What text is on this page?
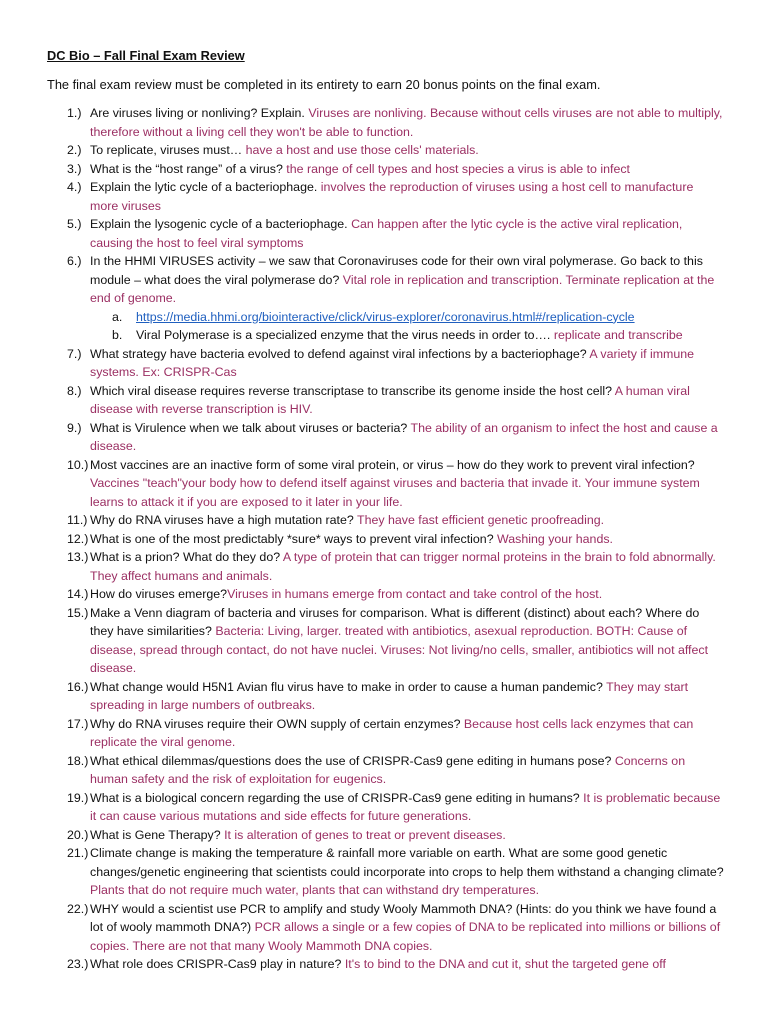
DC Bio – Fall Final Exam Review
The final exam review must be completed in its entirety to earn 20 bonus points on the final exam.
1.) Are viruses living or nonliving? Explain. Viruses are nonliving. Because without cells viruses are not able to multiply, therefore without a living cell they won't be able to function.
2.) To replicate, viruses must… have a host and use those cells' materials.
3.) What is the “host range” of a virus? the range of cell types and host species a virus is able to infect
4.) Explain the lytic cycle of a bacteriophage. involves the reproduction of viruses using a host cell to manufacture more viruses
5.) Explain the lysogenic cycle of a bacteriophage. Can happen after the lytic cycle is the active viral replication, causing the host to feel viral symptoms
6.) In the HHMI VIRUSES activity – we saw that Coronaviruses code for their own viral polymerase. Go back to this module – what does the viral polymerase do? Vital role in replication and transcription. Terminate replication at the end of genome.
a. https://media.hhmi.org/biointeractive/click/virus-explorer/coronavirus.html#/replication-cycle
b. Viral Polymerase is a specialized enzyme that the virus needs in order to…. replicate and transcribe
7.) What strategy have bacteria evolved to defend against viral infections by a bacteriophage? A variety if immune systems. Ex: CRISPR-Cas
8.) Which viral disease requires reverse transcriptase to transcribe its genome inside the host cell? A human viral disease with reverse transcription is HIV.
9.) What is Virulence when we talk about viruses or bacteria? The ability of an organism to infect the host and cause a disease.
10.) Most vaccines are an inactive form of some viral protein, or virus – how do they work to prevent viral infection? Vaccines "teach"your body how to defend itself against viruses and bacteria that invade it. Your immune system learns to attack it if you are exposed to it later in your life.
11.) Why do RNA viruses have a high mutation rate? They have fast efficient genetic proofreading.
12.) What is one of the most predictably *sure* ways to prevent viral infection? Washing your hands.
13.) What is a prion? What do they do? A type of protein that can trigger normal proteins in the brain to fold abnormally. They affect humans and animals.
14.) How do viruses emerge?Viruses in humans emerge from contact and take control of the host.
15.) Make a Venn diagram of bacteria and viruses for comparison. What is different (distinct) about each? Where do they have similarities? Bacteria: Living, larger. treated with antibiotics, asexual reproduction. BOTH: Cause of disease, spread through contact, do not have nuclei. Viruses: Not living/no cells, smaller, antibiotics will not affect disease.
16.) What change would H5N1 Avian flu virus have to make in order to cause a human pandemic? They may start spreading in large numbers of outbreaks.
17.) Why do RNA viruses require their OWN supply of certain enzymes? Because host cells lack enzymes that can replicate the viral genome.
18.) What ethical dilemmas/questions does the use of CRISPR-Cas9 gene editing in humans pose? Concerns on human safety and the risk of exploitation for eugenics.
19.) What is a biological concern regarding the use of CRISPR-Cas9 gene editing in humans? It is problematic because it can cause various mutations and side effects for future generations.
20.) What is Gene Therapy? It is alteration of genes to treat or prevent diseases.
21.) Climate change is making the temperature & rainfall more variable on earth. What are some good genetic changes/genetic engineering that scientists could incorporate into crops to help them withstand a changing climate? Plants that do not require much water, plants that can withstand dry temperatures.
22.) WHY would a scientist use PCR to amplify and study Wooly Mammoth DNA? (Hints: do you think we have found a lot of wooly mammoth DNA?) PCR allows a single or a few copies of DNA to be replicated into millions or billions of copies. There are not that many Wooly Mammoth DNA copies.
23.) What role does CRISPR-Cas9 play in nature? It's to bind to the DNA and cut it, shut the targeted gene off
